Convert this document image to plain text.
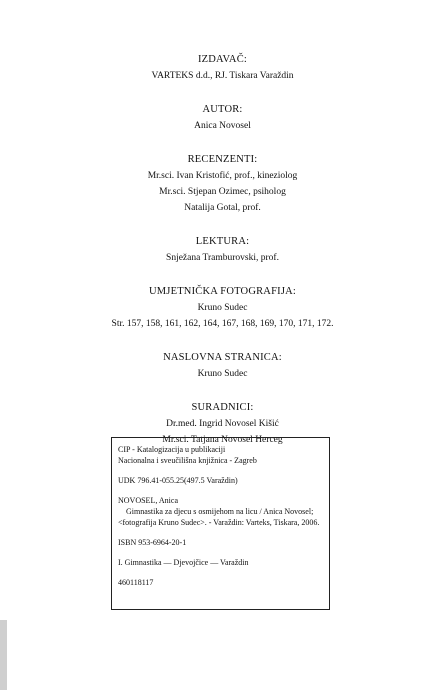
IZDAVAČ:
VARTEKS d.d., RJ. Tiskara Varaždin
AUTOR:
Anica Novosel
RECENZENTI:
Mr.sci. Ivan Kristofić, prof., kineziolog
Mr.sci. Stjepan Ozimec, psiholog
Natalija Gotal, prof.
LEKTURA:
Snježana Tramburovski, prof.
UMJETNIČKA FOTOGRAFIJA:
Kruno Sudec
Str. 157, 158, 161, 162, 164, 167, 168, 169, 170, 171, 172.
NASLOVNA STRANICA:
Kruno Sudec
SURADNICI:
Dr.med. Ingrid Novosel Kišić
Mr.sci. Tatjana Novosel Herceg

CIP - Katalogizacija u publikaciji

Nacionalna i sveučilišna knjižnica - Zagreb

UDK 796.41-055.25(497.5 Varaždin)

NOVOSEL, Anica

Gimnastika za djecu s osmijehom na licu / Anica Novosel;

<fotografija Kruno Sudec>. - Varaždin: Varteks, Tiskara, 2006.

ISBN 953-6964-20-1

I. Gimnastika — Djevojčice — Varaždin

460118117
